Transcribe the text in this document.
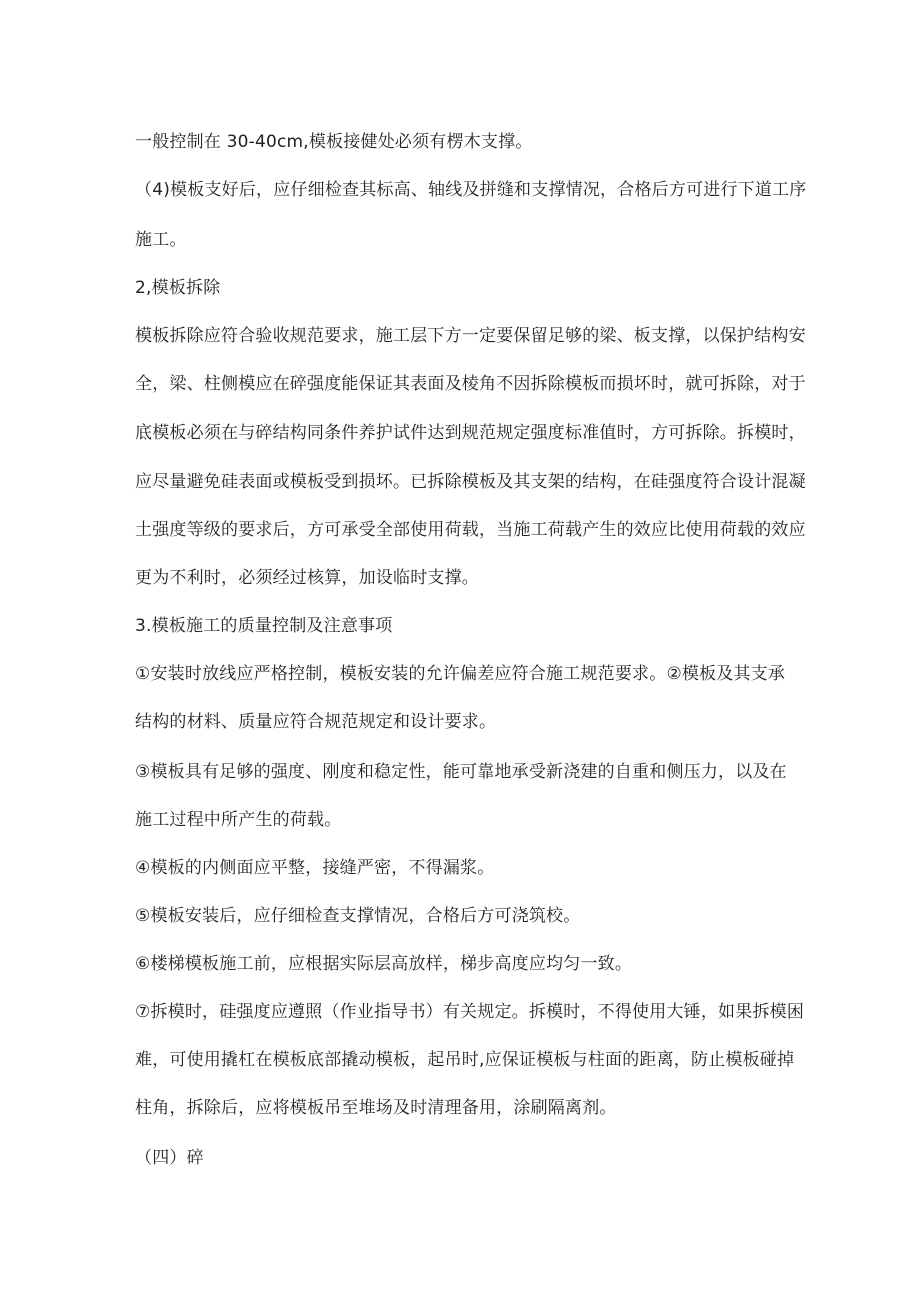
一般控制在 30-40cm,模板接健处必须有楞木支撑。
（4)模板支好后，应仔细检查其标高、轴线及拼缝和支撑情况，合格后方可进行下道工序
施工。
2,模板拆除
模板拆除应符合验收规范要求，施工层下方一定要保留足够的梁、板支撑，以保护结构安
全，梁、柱侧模应在碎强度能保证其表面及棱角不因拆除模板而损坏时，就可拆除，对于
底模板必须在与碎结构同条件养护试件达到规范规定强度标准值时，方可拆除。拆模时，
应尽量避免硅表面或模板受到损坏。已拆除模板及其支架的结构，在硅强度符合设计混凝
土强度等级的要求后，方可承受全部使用荷载，当施工荷载产生的效应比使用荷载的效应
更为不利时，必须经过核算，加设临时支撑。
3.模板施工的质量控制及注意事项
①安装时放线应严格控制，模板安装的允许偏差应符合施工规范要求。②模板及其支承
结构的材料、质量应符合规范规定和设计要求。
③模板具有足够的强度、刚度和稳定性，能可靠地承受新浇建的自重和侧压力，以及在
施工过程中所产生的荷载。
④模板的内侧面应平整，接缝严密，不得漏浆。
⑤模板安装后，应仔细检查支撑情况，合格后方可浇筑校。
⑥楼梯模板施工前，应根据实际层高放样，梯步高度应均匀一致。
⑦拆模时，硅强度应遵照（作业指导书）有关规定。拆模时，不得使用大锤，如果拆模困
难，可使用撬杠在模板底部撬动模板，起吊时,应保证模板与柱面的距离，防止模板碰掉
柱角，拆除后，应将模板吊至堆场及时清理备用，涂刷隔离剂。
（四）碎
